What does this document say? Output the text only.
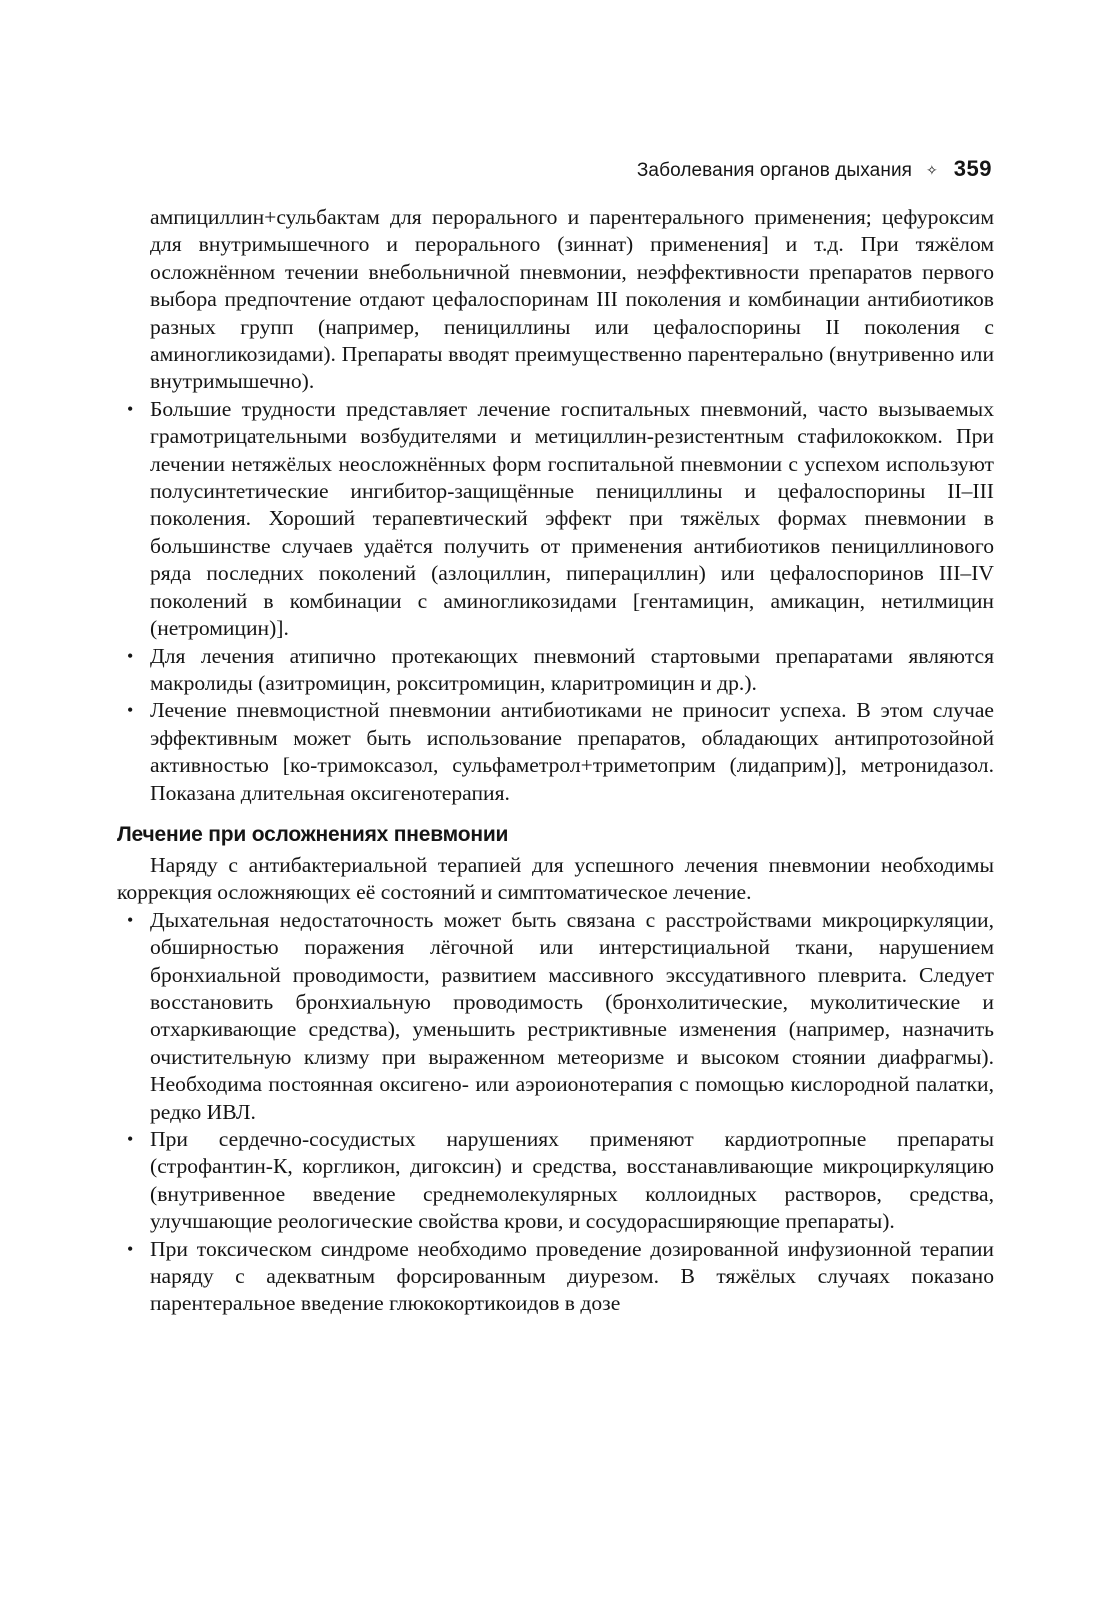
Заболевания органов дыхания ✧ 359

ампициллин+сульбактам для перорального и парентерального применения; цефуроксим для внутримышечного и перорального (зиннат) применения] и т.д. При тяжёлом осложнённом течении внебольничной пневмонии, неэффективности препаратов первого выбора предпочтение отдают цефалоспоринам III поколения и комбинации антибиотиков разных групп (например, пенициллины или цефалоспорины II поколения с аминогликозидами). Препараты вводят преимущественно парентерально (внутривенно или внутримышечно).

• Большие трудности представляет лечение госпитальных пневмоний, часто вызываемых грамотрицательными возбудителями и метициллин-резистентным стафилококком. При лечении нетяжёлых неосложнённых форм госпитальной пневмонии с успехом используют полусинтетические ингибитор-защищённые пенициллины и цефалоспорины II–III поколения. Хороший терапевтический эффект при тяжёлых формах пневмонии в большинстве случаев удаётся получить от применения антибиотиков пенициллинового ряда последних поколений (азлоциллин, пиперациллин) или цефалоспоринов III–IV поколений в комбинации с аминогликозидами [гентамицин, амикацин, нетилмицин (нетромицин)].
• Для лечения атипично протекающих пневмоний стартовыми препаратами являются макролиды (азитромицин, рокситромицин, кларитромицин и др.).
• Лечение пневмоцистной пневмонии антибиотиками не приносит успеха. В этом случае эффективным может быть использование препаратов, обладающих антипротозойной активностью [ко-тримоксазол, сульфаметрол+триметоприм (лидаприм)], метронидазол. Показана длительная оксигенотерапия.
Лечение при осложнениях пневмонии

Наряду с антибактериальной терапией для успешного лечения пневмонии необходимы коррекция осложняющих её состояний и симптоматическое лечение.

• Дыхательная недостаточность может быть связана с расстройствами микроциркуляции, обширностью поражения лёгочной или интерстициальной ткани, нарушением бронхиальной проводимости, развитием массивного экссудативного плеврита. Следует восстановить бронхиальную проводимость (бронхолитические, муколитические и отхаркивающие средства), уменьшить рестриктивные изменения (например, назначить очистительную клизму при выраженном метеоризме и высоком стоянии диафрагмы). Необходима постоянная оксигено- или аэроионотерапия с помощью кислородной палатки, редко ИВЛ.
• При сердечно-сосудистых нарушениях применяют кардиотропные препараты (строфантин-К, коргликон, дигоксин) и средства, восстанавливающие микроциркуляцию (внутривенное введение среднемолекулярных коллоидных растворов, средства, улучшающие реологические свойства крови, и сосудорасширяющие препараты).
• При токсическом синдроме необходимо проведение дозированной инфузионной терапии наряду с адекватным форсированным диурезом. В тяжёлых случаях показано парентеральное введение глюкокортикоидов в дозе
